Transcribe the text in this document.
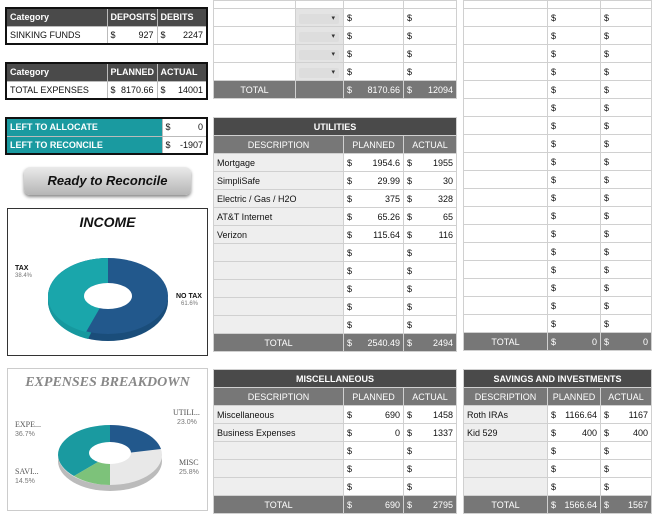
Category	DEPOSITS	DEBITS
SINKING FUNDS	$ 927	$ 2247
Category	PLANNED	ACTUAL
TOTAL EXPENSES	$ 8170.66	$ 14001
LEFT TO ALLOCATE	$ 0

LEFT TO RECONCILE	$ -1907
Ready to Reconcile
INCOME
TAX
38.4%
NO TAX
61.6%
EXPENSES BREAKDOWN
EXPE...
36.7%
UTILI...
23.0%
SAVI...
14.5%
MISC
25.8%

	▾	$	$
	▾	$	$
	▾	$	$
	▾	$	$
TOTAL		$ 8170.66	$ 12094
UTILITIES		
DESCRIPTION	PLANNED	ACTUAL
Mortgage	$ 1954.6	$ 1955

SimpliSafe	$ 29.99	$ 30

Electric / Gas / H2O	$ 375	$ 328

AT&T Internet	$ 65.26	$ 65

Verizon	$ 115.64	$ 116

	$	$

	$	$

	$	$

	$	$

	$	$

TOTAL	$ 2540.49	$ 2494

	$	$

	$	$

	$	$

	$	$

	$	$

	$	$

	$	$

	$	$

	$	$

	$	$

	$	$

	$	$

	$	$

	$	$

	$	$

	$	$

	$	$

	$	$

TOTAL	$ 0	$ 0
MISCELLANEOUS		
DESCRIPTION	PLANNED	ACTUAL
Miscellaneous	$ 690	$ 1458

Business Expenses	$ 0	$ 1337

	$	$

	$	$

	$	$

TOTAL	$ 690	$ 2795
SAVINGS AND INVESTMENTS		
DESCRIPTION	PLANNED	ACTUAL
Roth IRAs	$ 1166.64	$ 1167

Kid 529	$ 400	$ 400

	$	$

	$	$

	$	$

TOTAL	$ 1566.64	$ 1567
